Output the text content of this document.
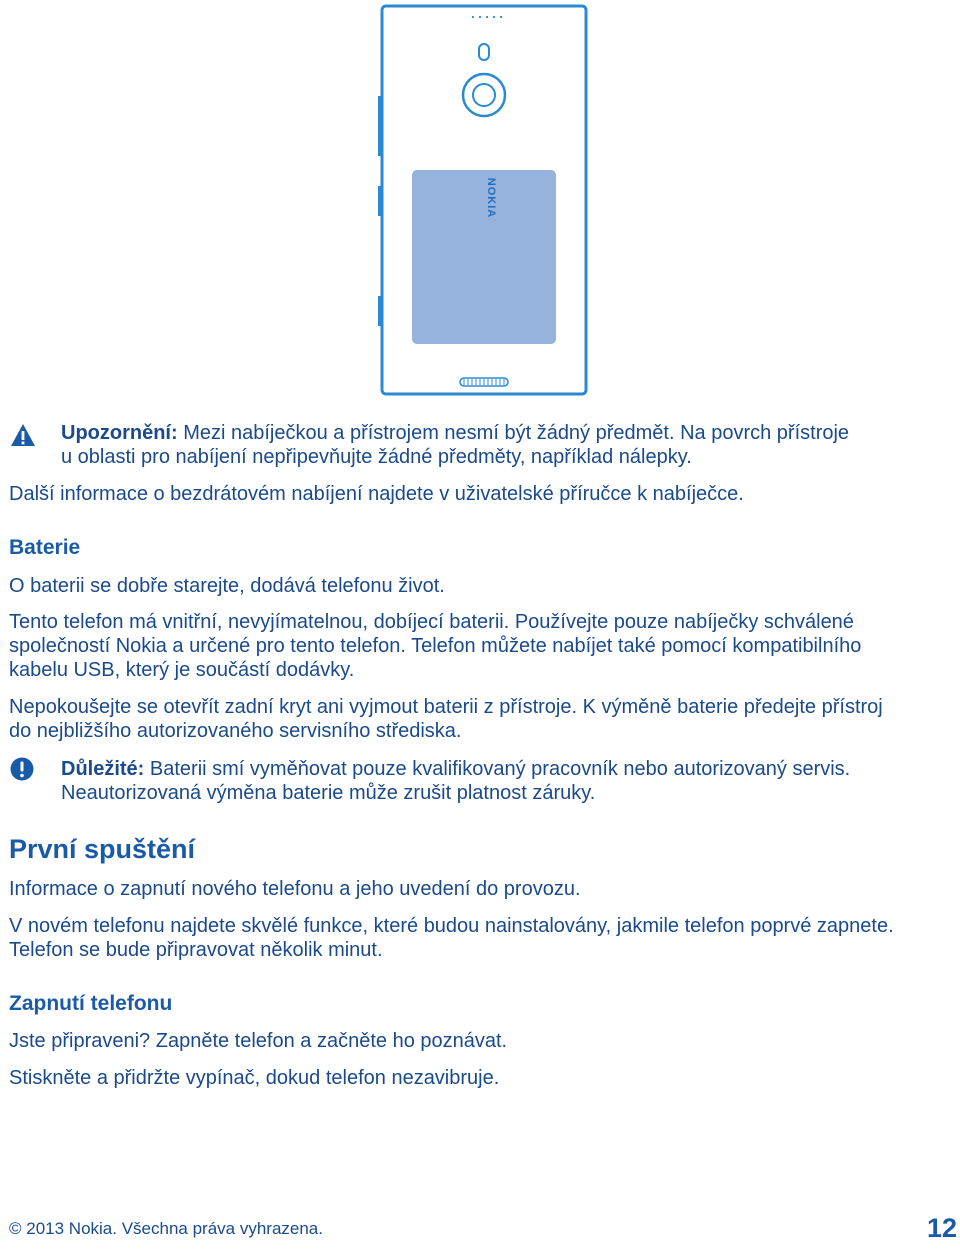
NOKIA
Upozornění: Mezi nabíječkou a přístrojem nesmí být žádný předmět. Na povrch přístroje
u oblasti pro nabíjení nepřipevňujte žádné předměty, například nálepky.
Další informace o bezdrátovém nabíjení najdete v uživatelské příručce k nabíječce.
Baterie
O baterii se dobře starejte, dodává telefonu život.
Tento telefon má vnitřní, nevyjímatelnou, dobíjecí baterii. Používejte pouze nabíječky schválené
společností Nokia a určené pro tento telefon. Telefon můžete nabíjet také pomocí kompatibilního
kabelu USB, který je součástí dodávky.
Nepokoušejte se otevřít zadní kryt ani vyjmout baterii z přístroje. K výměně baterie předejte přístroj
do nejbližšího autorizovaného servisního střediska.
Důležité: Baterii smí vyměňovat pouze kvalifikovaný pracovník nebo autorizovaný servis.
Neautorizovaná výměna baterie může zrušit platnost záruky.
První spuštění
Informace o zapnutí nového telefonu a jeho uvedení do provozu.
V novém telefonu najdete skvělé funkce, které budou nainstalovány, jakmile telefon poprvé zapnete.
Telefon se bude připravovat několik minut.
Zapnutí telefonu
Jste připraveni? Zapněte telefon a začněte ho poznávat.
Stiskněte a přidržte vypínač, dokud telefon nezavibruje.
© 2013 Nokia. Všechna práva vyhrazena.	12
